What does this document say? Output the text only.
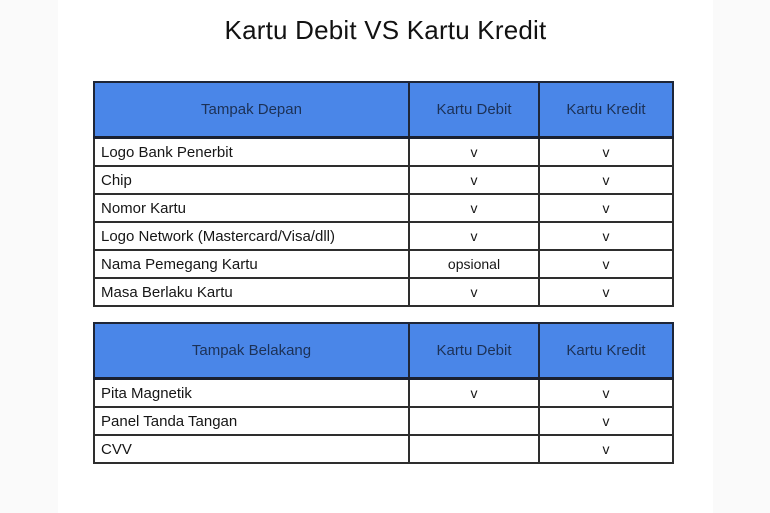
Kartu Debit VS Kartu Kredit
Tampak Depan	Kartu Debit	Kartu Kredit
Logo Bank Penerbit	v	v
Chip	v	v
Nomor Kartu	v	v
Logo Network (Mastercard/Visa/dll)	v	v
Nama Pemegang Kartu	opsional	v
Masa Berlaku Kartu	v	v
Tampak Belakang	Kartu Debit	Kartu Kredit
Pita Magnetik	v	v
Panel Tanda Tangan		v
CVV		v
